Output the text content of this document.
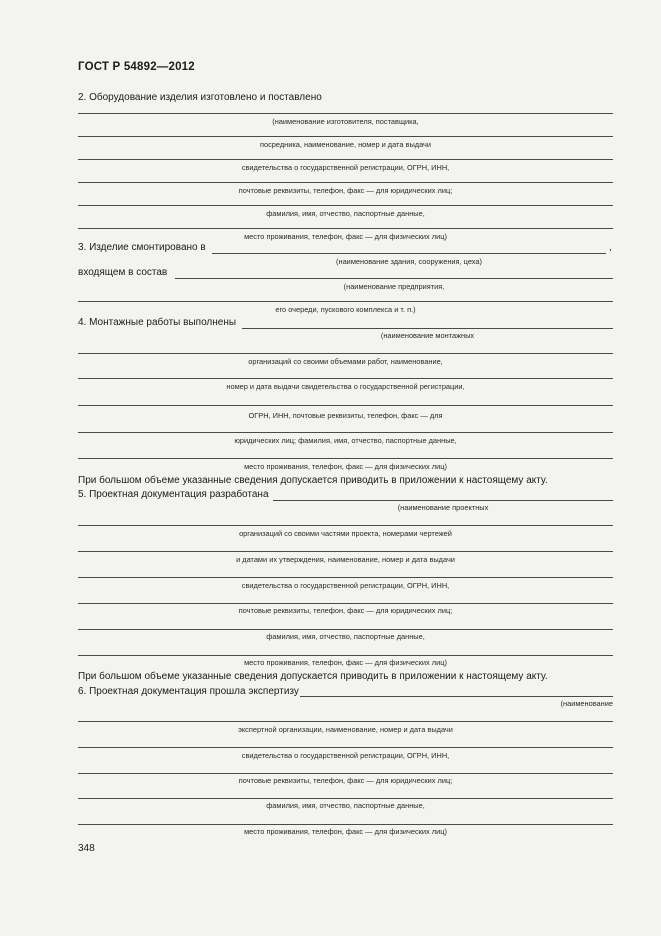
ГОСТ Р 54892—2012
2. Оборудование изделия изготовлено и поставлено
(наименование изготовителя, поставщика,
посредника, наименование, номер и дата выдачи
свидетельства о государственной регистрации, ОГРН, ИНН,
почтовые реквизиты, телефон, факс — для юридических лиц;
фамилия, имя, отчество, паспортные данные,
место проживания, телефон, факс — для физических лиц)
3. Изделие смонтировано в	,
(наименование здания, сооружения, цеха)
входящем в состав
(наименование предприятия,
его очереди, пускового комплекса и т. п.)
4. Монтажные работы выполнены
(наименование монтажных
организаций со своими объемами работ, наименование,
номер и дата выдачи свидетельства о государственной регистрации,
ОГРН, ИНН, почтовые реквизиты, телефон, факс — для
юридических лиц; фамилия, имя, отчество, паспортные данные,
место проживания, телефон, факс — для физических лиц)
При большом объеме указанные сведения допускается приводить в приложении к настоящему акту.
5. Проектная документация разработана
(наименование проектных
организаций со своими частями проекта, номерами чертежей
и датами их утверждения, наименование, номер и дата выдачи
свидетельства о государственной регистрации, ОГРН, ИНН,
почтовые реквизиты, телефон, факс — для юридических лиц;
фамилия, имя, отчество, паспортные данные,
место проживания, телефон, факс — для физических лиц)
При большом объеме указанные сведения допускается приводить в приложении к настоящему акту.
6. Проектная документация прошла экспертизу
(наименование
экспертной организации, наименование, номер и дата выдачи
свидетельства о государственной регистрации, ОГРН, ИНН,
почтовые реквизиты, телефон, факс — для юридических лиц;
фамилия, имя, отчество, паспортные данные,
место проживания, телефон, факс — для физических лиц)
348
